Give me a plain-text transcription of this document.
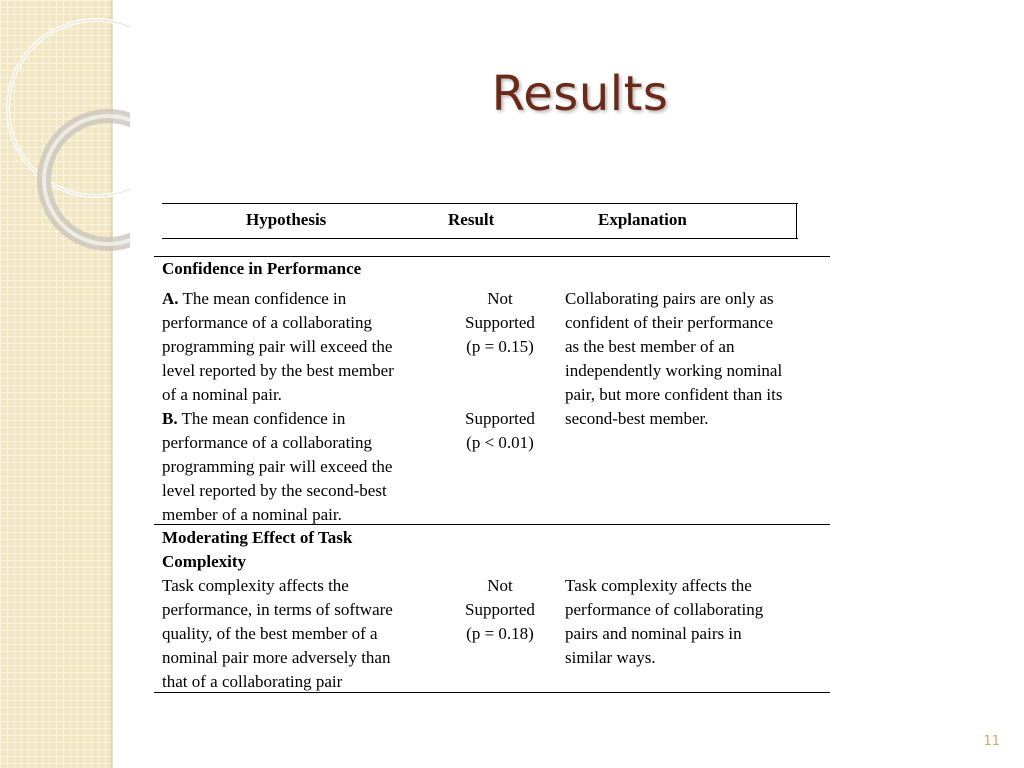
Results
Hypothesis	Result	Explanation
Confidence in Performance
A. The mean confidence in
performance of a collaborating
programming pair will exceed the
level reported by the best member
of a nominal pair.
Not
Supported
(p = 0.15)
B. The mean confidence in
performance of a collaborating
programming pair will exceed the
level reported by the second-best
member of a nominal pair.
Supported
(p < 0.01)
Collaborating pairs are only as
confident of their performance
as the best member of an
independently working nominal
pair, but more confident than its
second-best member.
Moderating Effect of Task
Complexity
Task complexity affects the
performance, in terms of software
quality, of the best member of a
nominal pair more adversely than
that of a collaborating pair
Not
Supported
(p = 0.18)
Task complexity affects the
performance of collaborating
pairs and nominal pairs in
similar ways.
11
